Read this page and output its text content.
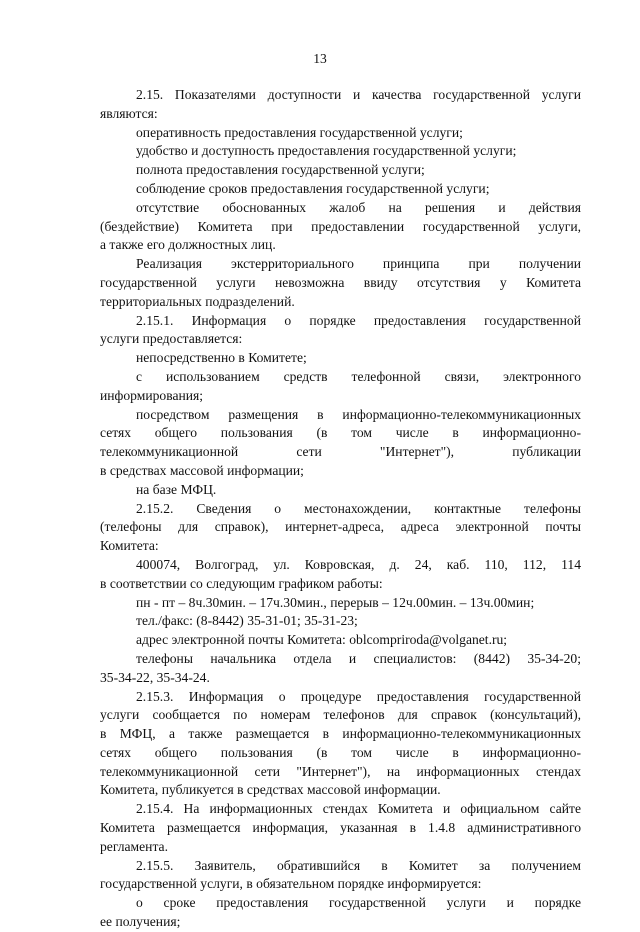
13
2.15. Показателями доступности и качества государственной услуги
являются:
оперативность предоставления государственной услуги;
удобство и доступность предоставления государственной услуги;
полнота предоставления государственной услуги;
соблюдение сроков предоставления государственной услуги;
отсутствие обоснованных жалоб на решения и действия
(бездействие) Комитета при предоставлении государственной услуги,
а также его должностных лиц.
Реализация экстерриториального принципа при получении
государственной услуги невозможна ввиду отсутствия у Комитета
территориальных подразделений.
2.15.1. Информация о порядке предоставления государственной
услуги предоставляется:
непосредственно в Комитете;
с использованием средств телефонной связи, электронного
информирования;
посредством размещения в информационно-телекоммуникационных
сетях общего пользования (в том числе в информационно-
телекоммуникационной сети "Интернет"), публикации
в средствах массовой информации;
на базе МФЦ.
2.15.2. Сведения о местонахождении, контактные телефоны
(телефоны для справок), интернет-адреса, адреса электронной почты
Комитета:
400074, Волгоград, ул. Ковровская, д. 24, каб. 110, 112, 114
в соответствии со следующим графиком работы:
пн - пт – 8ч.30мин. – 17ч.30мин., перерыв – 12ч.00мин. – 13ч.00мин;
тел./факс: (8-8442) 35-31-01; 35-31-23;
адрес электронной почты Комитета: oblcompriroda@volganet.ru;
телефоны начальника отдела и специалистов: (8442) 35-34-20;
35-34-22, 35-34-24.
2.15.3. Информация о процедуре предоставления государственной
услуги сообщается по номерам телефонов для справок (консультаций),
в МФЦ, а также размещается в информационно-телекоммуникационных
сетях общего пользования (в том числе в информационно-
телекоммуникационной сети "Интернет"), на информационных стендах
Комитета, публикуется в средствах массовой информации.
2.15.4. На информационных стендах Комитета и официальном сайте
Комитета размещается информация, указанная в 1.4.8 административного
регламента.
2.15.5. Заявитель, обратившийся в Комитет за получением
государственной услуги, в обязательном порядке информируется:
о сроке предоставления государственной услуги и порядке
ее получения;
